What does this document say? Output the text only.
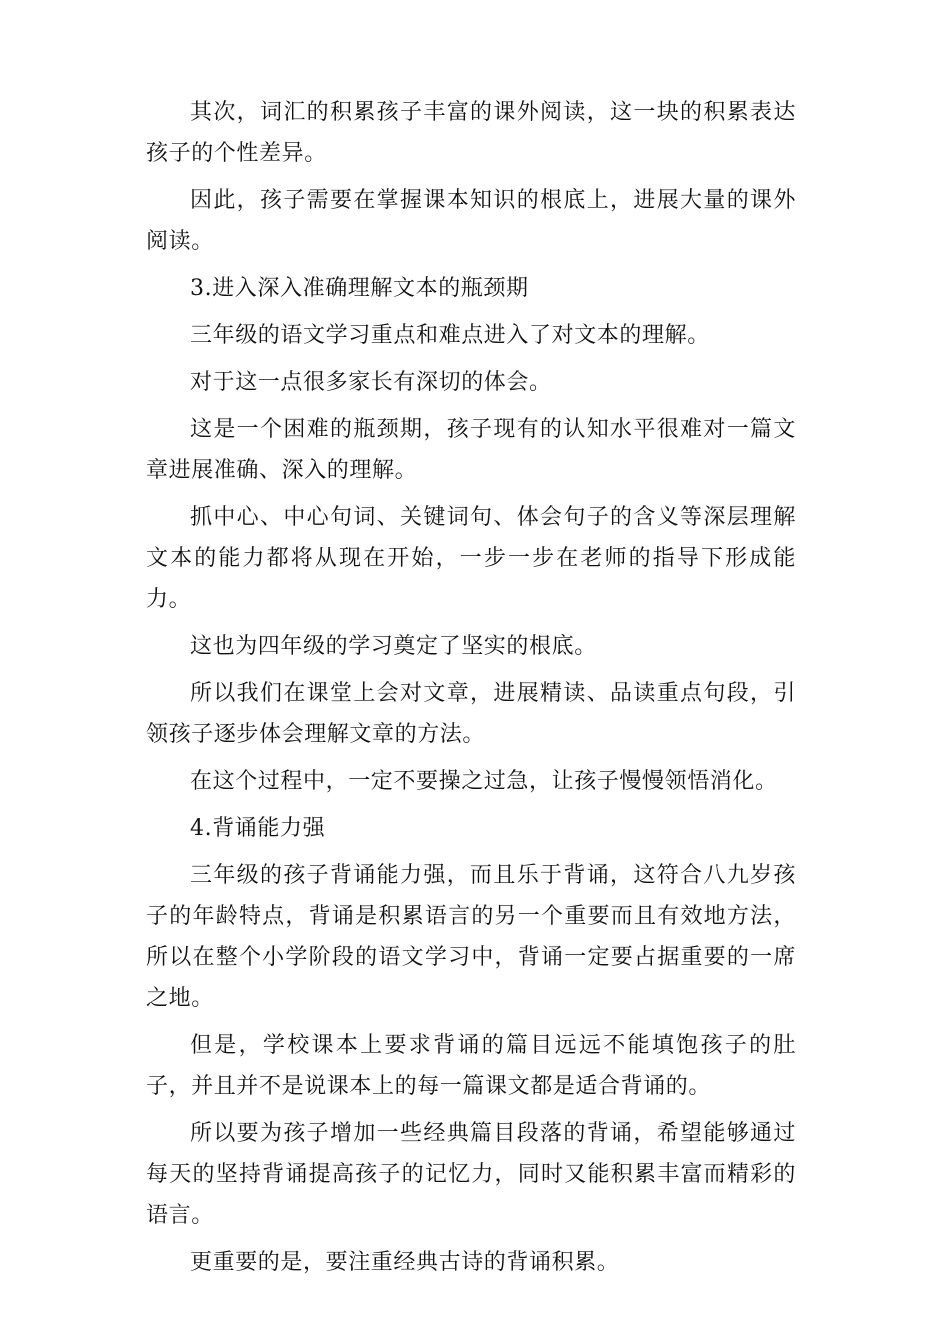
其次，词汇的积累孩子丰富的课外阅读，这一块的积累表达孩子的个性差异。

因此，孩子需要在掌握课本知识的根底上，进展大量的课外阅读。

3.进入深入准确理解文本的瓶颈期

三年级的语文学习重点和难点进入了对文本的理解。

对于这一点很多家长有深切的体会。

这是一个困难的瓶颈期，孩子现有的认知水平很难对一篇文章进展准确、深入的理解。

抓中心、中心句词、关键词句、体会句子的含义等深层理解文本的能力都将从现在开始，一步一步在老师的指导下形成能力。

这也为四年级的学习奠定了坚实的根底。

所以我们在课堂上会对文章，进展精读、品读重点句段，引领孩子逐步体会理解文章的方法。

在这个过程中，一定不要操之过急，让孩子慢慢领悟消化。

4.背诵能力强

三年级的孩子背诵能力强，而且乐于背诵，这符合八九岁孩子的年龄特点，背诵是积累语言的另一个重要而且有效地方法，所以在整个小学阶段的语文学习中，背诵一定要占据重要的一席之地。

但是，学校课本上要求背诵的篇目远远不能填饱孩子的肚子，并且并不是说课本上的每一篇课文都是适合背诵的。

所以要为孩子增加一些经典篇目段落的背诵，希望能够通过每天的坚持背诵提高孩子的记忆力，同时又能积累丰富而精彩的语言。

更重要的是，要注重经典古诗的背诵积累。
